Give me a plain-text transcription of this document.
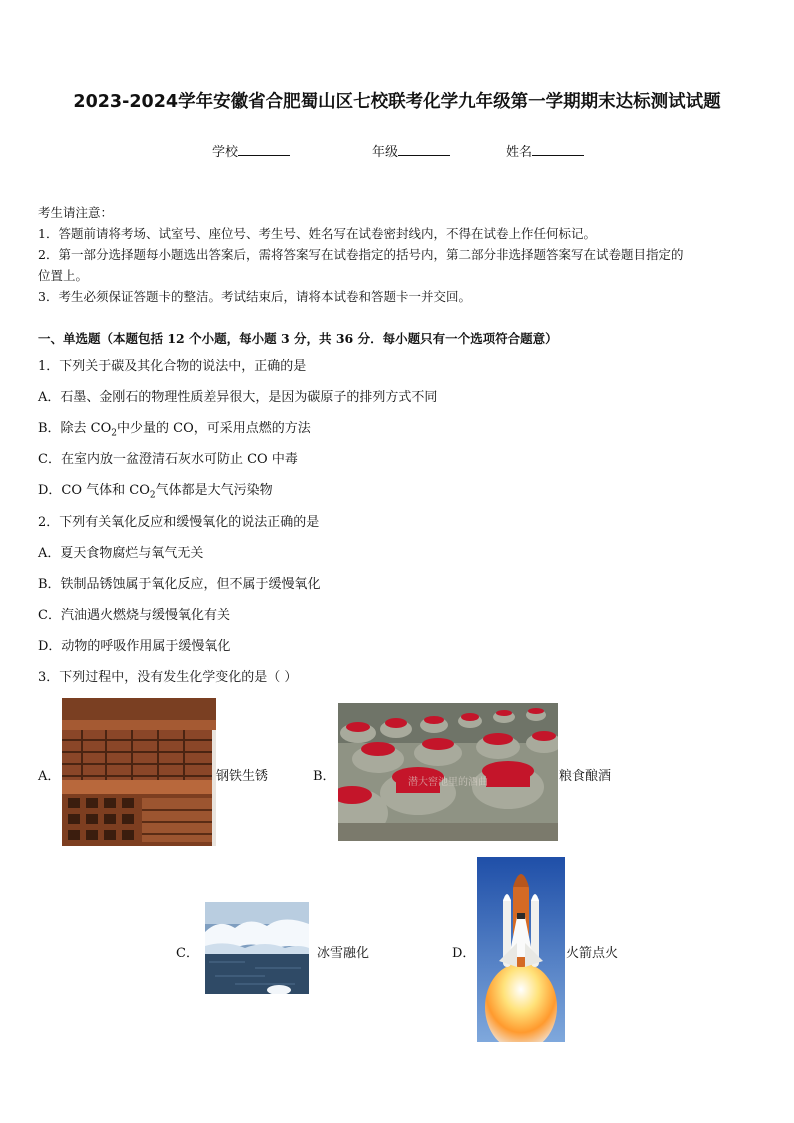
2023-2024学年安徽省合肥蜀山区七校联考化学九年级第一学期期末达标测试试题
学校	年级	姓名
考生请注意：
1．答题前请将考场、试室号、座位号、考生号、姓名写在试卷密封线内，不得在试卷上作任何标记。
2．第一部分选择题每小题选出答案后，需将答案写在试卷指定的括号内，第二部分非选择题答案写在试卷题目指定的
位置上。
3．考生必须保证答题卡的整洁。考试结束后，请将本试卷和答题卡一并交回。
一、单选题（本题包括 12 个小题，每小题 3 分，共 36 分．每小题只有一个选项符合题意）
1．下列关于碳及其化合物的说法中，正确的是
A．石墨、金刚石的物理性质差异很大，是因为碳原子的排列方式不同
B．除去 $CO_2$中少量的 CO，可采用点燃的方法
C．在室内放一盆澄清石灰水可防止 CO 中毒
D．CO 气体和 $CO_2$气体都是大气污染物
2．下列有关氧化反应和缓慢氧化的说法正确的是
A．夏天食物腐烂与氧气无关
B．铁制品锈蚀属于氧化反应，但不属于缓慢氧化
C．汽油遇火燃烧与缓慢氧化有关
D．动物的呼吸作用属于缓慢氧化
3．下列过程中，没有发生化学变化的是（ ）
A．	钢铁生锈	B．	潜大窖池里的酒曲	粮食酿酒
C．	冰雪融化	D．	火箭点火
